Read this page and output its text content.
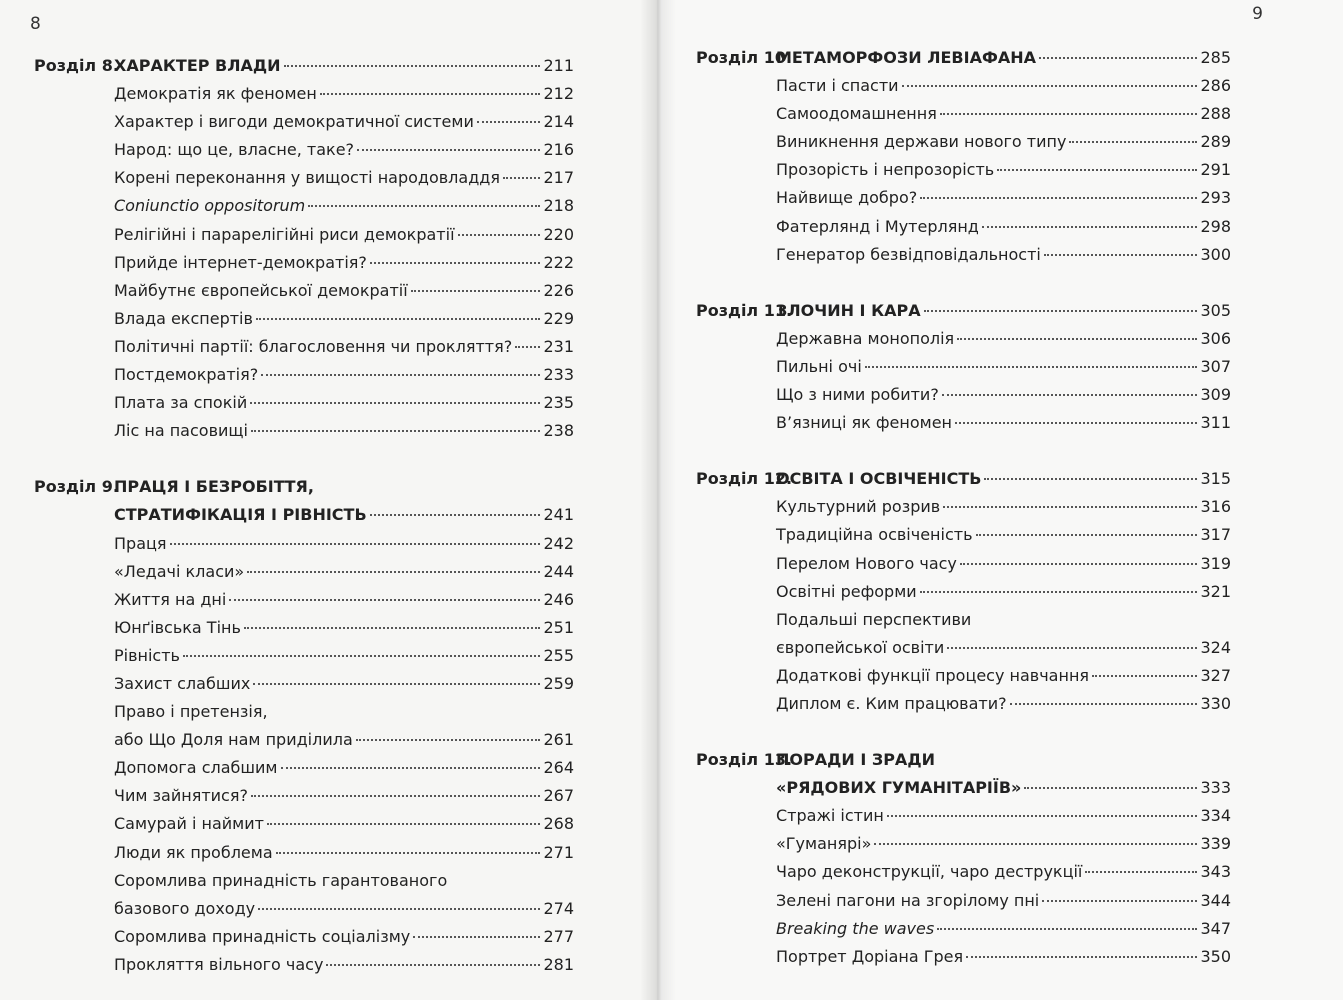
8
Розділ 8.
ХАРАКТЕР ВЛАДИ	211
Демократія як феномен	212
Характер і вигоди демократичної системи	214
Народ: що це, власне, таке?	216
Корені переконання у вищості народовладдя	217
Coniunctio oppositorum	218
Релігійні і парарелігійні риси демократії	220
Прийде інтернет-демократія?	222
Майбутнє європейської демократії	226
Влада експертів	229
Політичні партії: благословення чи прокляття? 231
Постдемократія?	233
Плата за спокій	235
Ліс на пасовищі	238
Розділ 9.
ПРАЦЯ І БЕЗРОБІТТЯ,
СТРАТИФІКАЦІЯ І РІВНІСТЬ	241
Праця	242
«Ледачі класи»	244
Життя на дні	246
Юнґівська Тінь	251
Рівність	255
Захист слабших	259
Право і претензія,
або Що Доля нам приділила	261
Допомога слабшим	264
Чим зайнятися?	267
Самурай і наймит	268
Люди як проблема	271
Соромлива принадність гарантованого
базового доходу	274
Соромлива принадність соціалізму	277
Прокляття вільного часу	281
9
Розділ 10.
МЕТАМОРФОЗИ ЛЕВІАФАНА	285
Пасти і спасти	286
Самоодомашнення	288
Виникнення держави нового типу	289
Прозорість і непрозорість	291
Найвище добро?	293
Фатерлянд і Мутерлянд	298
Генератор безвідповідальності	300
Розділ 11.
ЗЛОЧИН І КАРА	305
Державна монополія	306
Пильні очі	307
Що з ними робити?	309
В’язниці як феномен	311
Розділ 12.
ОСВІТА І ОСВІЧЕНІСТЬ	315
Культурний розрив	316
Традиційна освіченість	317
Перелом Нового часу	319
Освітні реформи	321
Подальші перспективи
європейської освіти	324
Додаткові функції процесу навчання	327
Диплом є. Ким працювати?	330
Розділ 13.
ПОРАДИ І ЗРАДИ
«РЯДОВИХ ГУМАНІТАРІЇВ»	333
Стражі істин	334
«Гуманярі»	339
Чаро деконструкції, чаро деструкції	343
Зелені пагони на згорілому пні	344
Breaking the waves	347
Портрет Доріана Грея	350
